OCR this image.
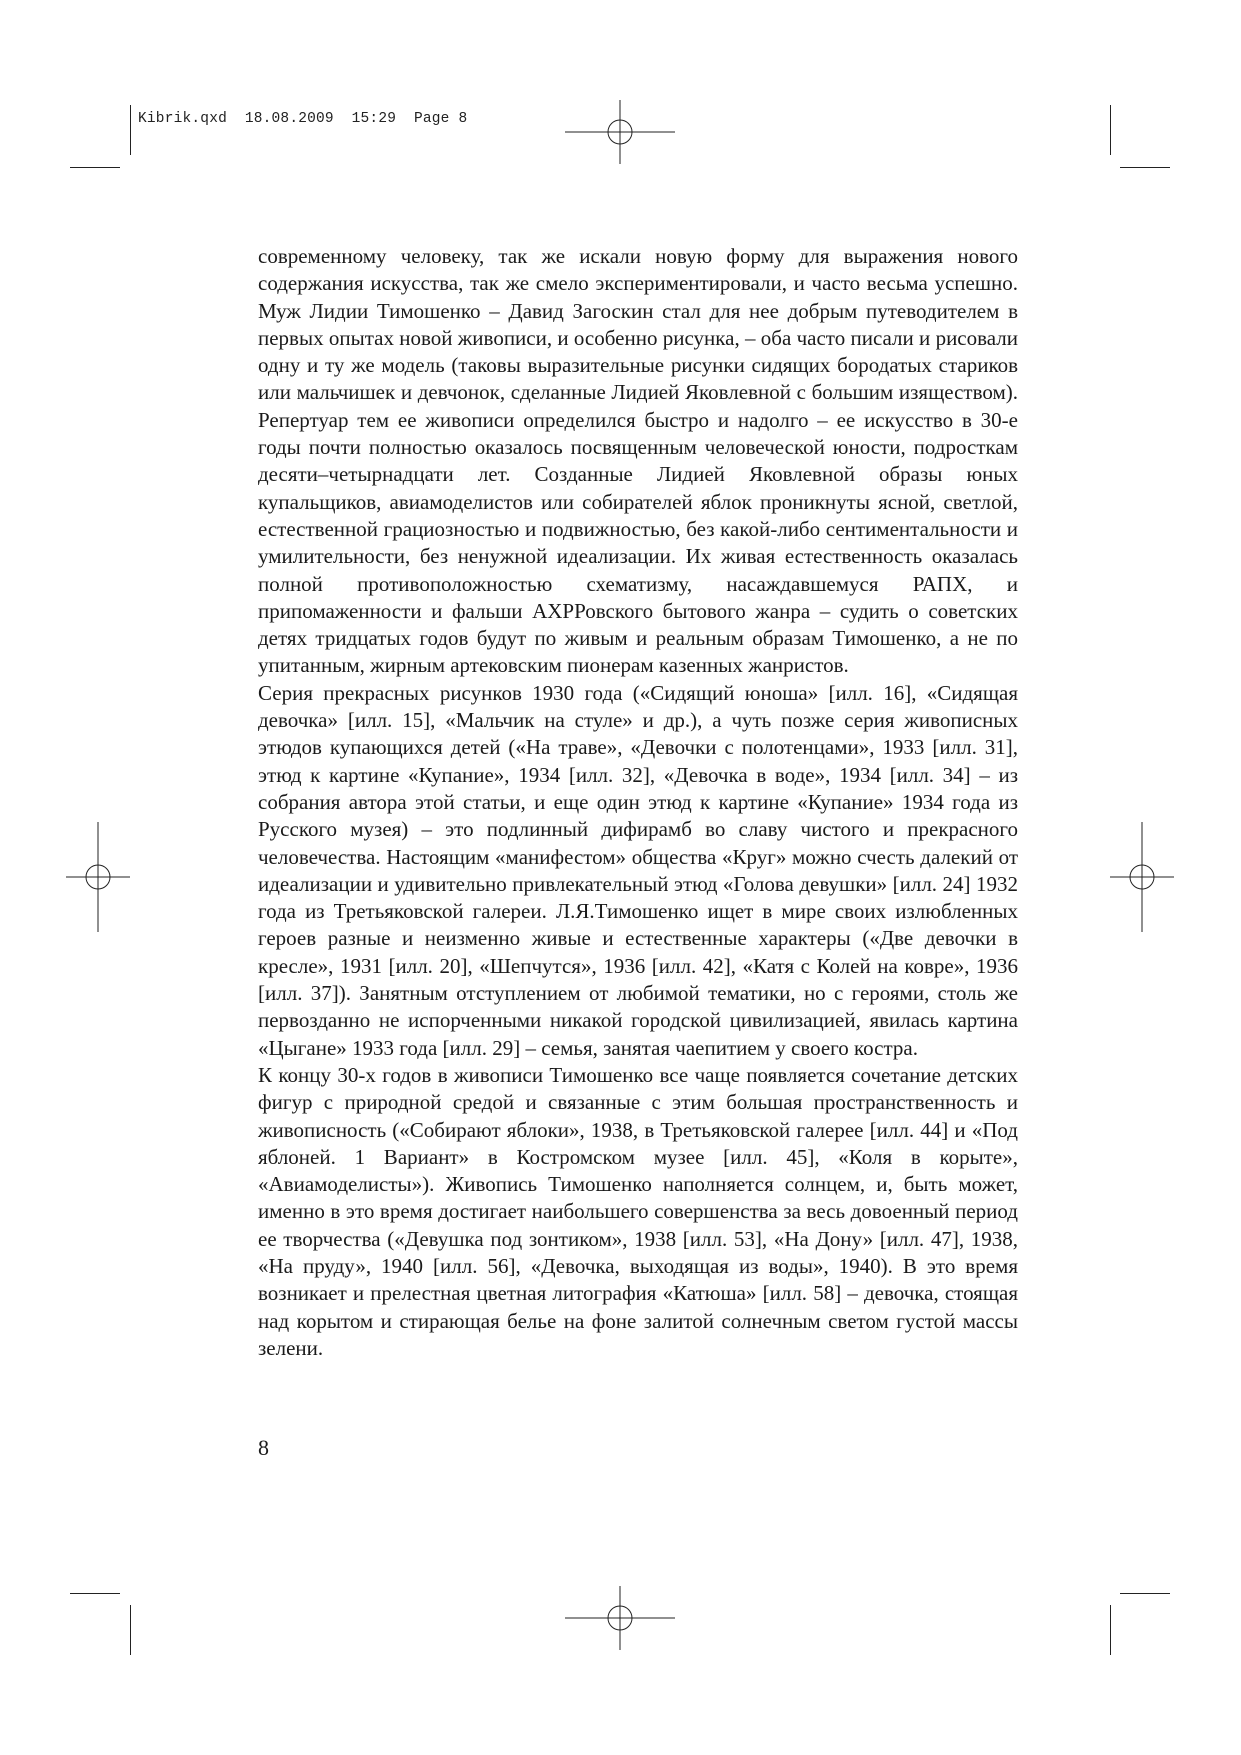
Kibrik.qxd  18.08.2009  15:29  Page 8

современному человеку, так же искали новую форму для выражения нового содержания искусства, так же смело экспериментировали, и часто весьма успешно. Муж Лидии Тимошенко – Давид Загоскин стал для нее добрым путеводителем в первых опытах новой живописи, и особенно рисунка, – оба часто писали и рисовали одну и ту же модель (таковы выразительные рисунки сидящих бородатых стариков или мальчишек и девчонок, сделанные Лидией Яковлевной с большим изяществом). Репертуар тем ее живописи определился быстро и надолго – ее искусство в 30-е годы почти полностью оказалось посвященным человеческой юности, подросткам десяти–четырнадцати лет. Созданные Лидией Яковлевной образы юных купальщиков, авиамоделистов или собирателей яблок проникнуты ясной, светлой, естественной грациозностью и подвижностью, без какой-либо сентиментальности и умилительности, без ненужной идеализации. Их живая естественность оказалась полной противоположностью схематизму, насаждавшемуся РАПХ, и припомаженности и фальши АХРРовского бытового жанра – судить о советских детях тридцатых годов будут по живым и реальным образам Тимошенко, а не по упитанным, жирным артековским пионерам казенных жанристов.

Серия прекрасных рисунков 1930 года («Сидящий юноша» [илл. 16], «Сидящая девочка» [илл. 15], «Мальчик на стуле» и др.), а чуть позже серия живописных этюдов купающихся детей («На траве», «Девочки с полотенцами», 1933 [илл. 31], этюд к картине «Купание», 1934 [илл. 32], «Девочка в воде», 1934 [илл. 34] – из собрания автора этой статьи, и еще один этюд к картине «Купание» 1934 года из Русского музея) – это подлинный дифирамб во славу чистого и прекрасного человечества. Настоящим «манифестом» общества «Круг» можно счесть далекий от идеализации и удивительно привлекательный этюд «Голова девушки» [илл. 24] 1932 года из Третьяковской галереи. Л.Я.Тимошенко ищет в мире своих излюбленных героев разные и неизменно живые и естественные характеры («Две девочки в кресле», 1931 [илл. 20], «Шепчутся», 1936 [илл. 42], «Катя с Колей на ковре», 1936 [илл. 37]). Занятным отступлением от любимой тематики, но с героями, столь же первозданно не испорченными никакой городской цивилизацией, явилась картина «Цыгане» 1933 года [илл. 29] – семья, занятая чаепитием у своего костра.

К концу 30-х годов в живописи Тимошенко все чаще появляется сочетание детских фигур с природной средой и связанные с этим большая пространственность и живописность («Собирают яблоки», 1938, в Третьяковской галерее [илл. 44] и «Под яблоней. 1 Вариант» в Костромском музее [илл. 45], «Коля в корыте», «Авиамоделисты»). Живопись Тимошенко наполняется солнцем, и, быть может, именно в это время достигает наибольшего совершенства за весь довоенный период ее творчества («Девушка под зонтиком», 1938 [илл. 53], «На Дону» [илл. 47], 1938, «На пруду», 1940 [илл. 56], «Девочка, выходящая из воды», 1940). В это время возникает и прелестная цветная литография «Катюша» [илл. 58] – девочка, стоящая над корытом и стирающая белье на фоне залитой солнечным светом густой массы зелени.

8
